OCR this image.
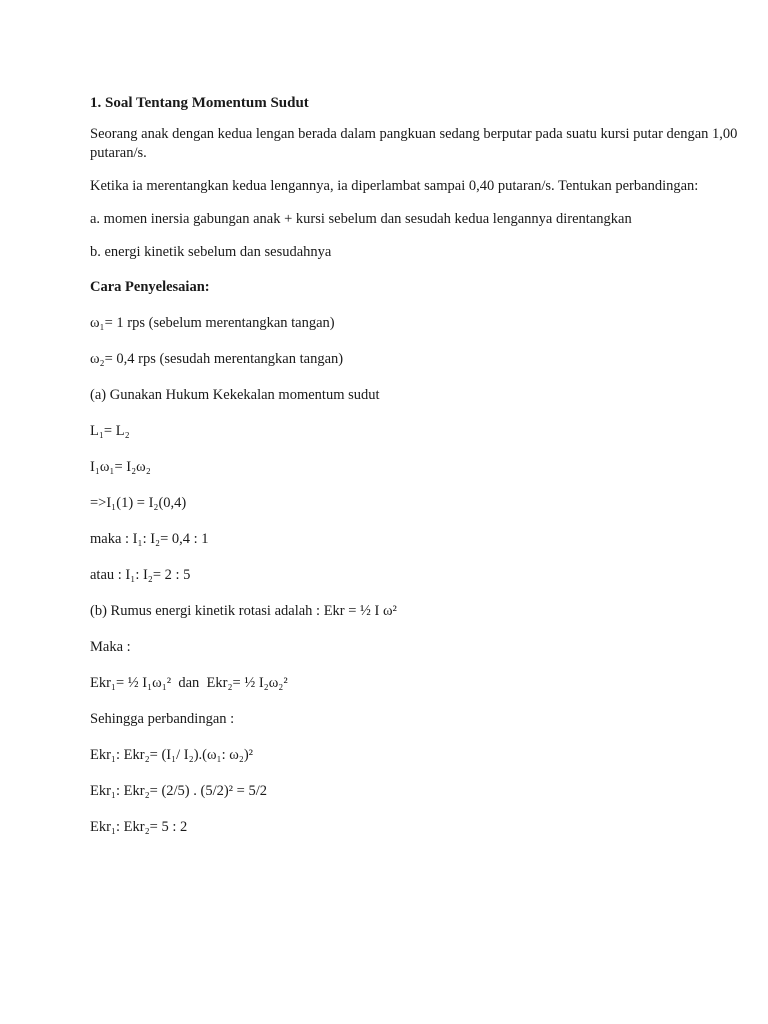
1. Soal Tentang Momentum Sudut

Seorang anak dengan kedua lengan berada dalam pangkuan sedang berputar pada suatu kursi putar dengan 1,00 putaran/s.

Ketika ia merentangkan kedua lengannya, ia diperlambat sampai 0,40 putaran/s. Tentukan perbandingan:

a. momen inersia gabungan anak + kursi sebelum dan sesudah kedua lengannya direntangkan

b. energi kinetik sebelum dan sesudahnya

Cara Penyelesaian:
ω₁= 1 rps (sebelum merentangkan tangan)
ω₂= 0,4 rps (sesudah merentangkan tangan)
(a) Gunakan Hukum Kekekalan momentum sudut
L₁= L₂
I₁ω₁= I₂ω₂
=>I₁(1) = I₂(0,4)
maka : I₁: I₂= 0,4 : 1
atau : I₁: I₂= 2 : 5
(b) Rumus energi kinetik rotasi adalah : Ekr = ½ I ω²
Maka :
Ekr₁= ½ I₁ω₁²  dan  Ekr₂= ½ I₂ω₂²
Sehingga perbandingan :
Ekr₁: Ekr₂= (I₁/ I₂).(ω₁: ω₂)²
Ekr₁: Ekr₂= (2/5) . (5/2)² = 5/2
Ekr₁: Ekr₂= 5 : 2
